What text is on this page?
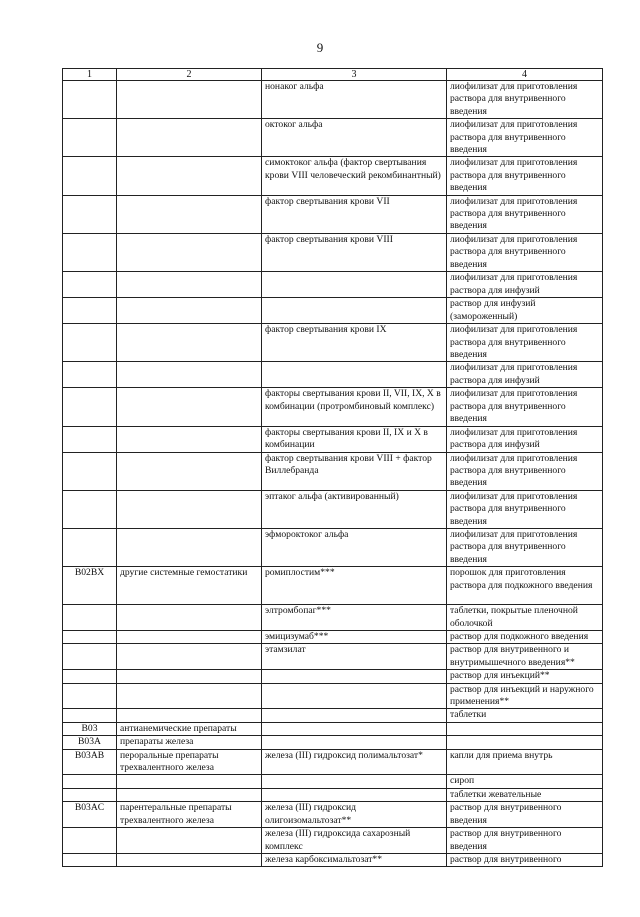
9
1	2	3	4
		нонаког альфа	лиофилизат для приготовления раствора для внутривенного введения
		октоког альфа	лиофилизат для приготовления раствора для внутривенного введения
		симоктоког альфа (фактор свертывания крови VIII человеческий рекомбинантный)	лиофилизат для приготовления раствора для внутривенного введения
		фактор свертывания крови VII	лиофилизат для приготовления раствора для внутривенного введения
		фактор свертывания крови VIII	лиофилизат для приготовления раствора для внутривенного введения
			лиофилизат для приготовления раствора для инфузий
			раствор для инфузий (замороженный)
		фактор свертывания крови IX	лиофилизат для приготовления раствора для внутривенного введения
			лиофилизат для приготовления раствора для инфузий
		факторы свертывания крови II, VII, IX, X в комбинации (протромбиновый комплекс)	лиофилизат для приготовления раствора для внутривенного введения
		факторы свертывания крови II, IX и X в комбинации	лиофилизат для приготовления раствора для инфузий
		фактор свертывания крови VIII + фактор Виллебранда	лиофилизат для приготовления раствора для внутривенного введения
		эптаког альфа (активированный)	лиофилизат для приготовления раствора для внутривенного введения
		эфмороктоког альфа	лиофилизат для приготовления раствора для внутривенного введения
B02BX	другие системные гемостатики	ромиплостим***	порошок для приготовления раствора для подкожного введения
		элтромбопаг***	таблетки, покрытые пленочной оболочкой
		эмицизумаб***	раствор для подкожного введения
		этамзилат	раствор для внутривенного и внутримышечного введения**
			раствор для инъекций**
			раствор для инъекций и наружного применения**
			таблетки
B03	антианемические препараты		
B03A	препараты железа		
B03AB	пероральные препараты трехвалентного железа	железа (III) гидроксид полимальтозат*	капли для приема внутрь
			сироп
			таблетки жевательные
B03AC	парентеральные препараты трехвалентного железа	железа (III) гидроксид олигоизомальтозат**	раствор для внутривенного введения
		железа (III) гидроксида сахарозный комплекс	раствор для внутривенного введения
		железа карбоксимальтозат**	раствор для внутривенного
